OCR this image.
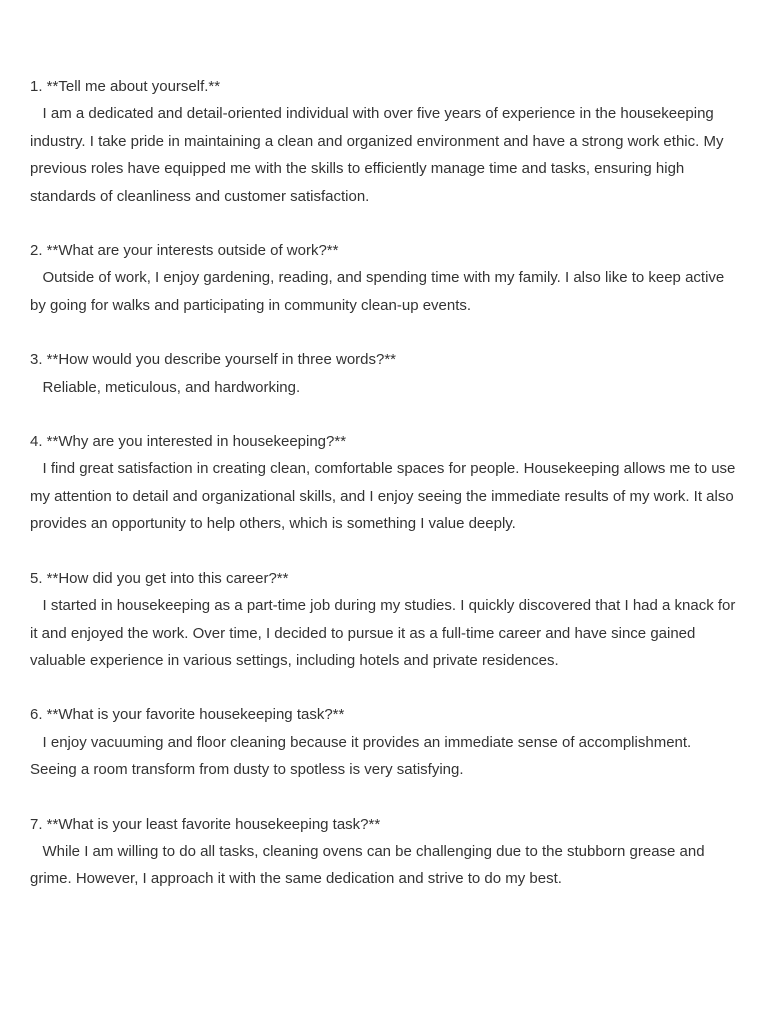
1. **Tell me about yourself.**

I am a dedicated and detail-oriented individual with over five years of experience in the housekeeping industry. I take pride in maintaining a clean and organized environment and have a strong work ethic. My previous roles have equipped me with the skills to efficiently manage time and tasks, ensuring high standards of cleanliness and customer satisfaction.

2. **What are your interests outside of work?**

Outside of work, I enjoy gardening, reading, and spending time with my family. I also like to keep active by going for walks and participating in community clean-up events.

3. **How would you describe yourself in three words?**

Reliable, meticulous, and hardworking.

4. **Why are you interested in housekeeping?**

I find great satisfaction in creating clean, comfortable spaces for people. Housekeeping allows me to use my attention to detail and organizational skills, and I enjoy seeing the immediate results of my work. It also provides an opportunity to help others, which is something I value deeply.

5. **How did you get into this career?**

I started in housekeeping as a part-time job during my studies. I quickly discovered that I had a knack for it and enjoyed the work. Over time, I decided to pursue it as a full-time career and have since gained valuable experience in various settings, including hotels and private residences.

6. **What is your favorite housekeeping task?**

I enjoy vacuuming and floor cleaning because it provides an immediate sense of accomplishment. Seeing a room transform from dusty to spotless is very satisfying.

7. **What is your least favorite housekeeping task?**

While I am willing to do all tasks, cleaning ovens can be challenging due to the stubborn grease and grime. However, I approach it with the same dedication and strive to do my best.
